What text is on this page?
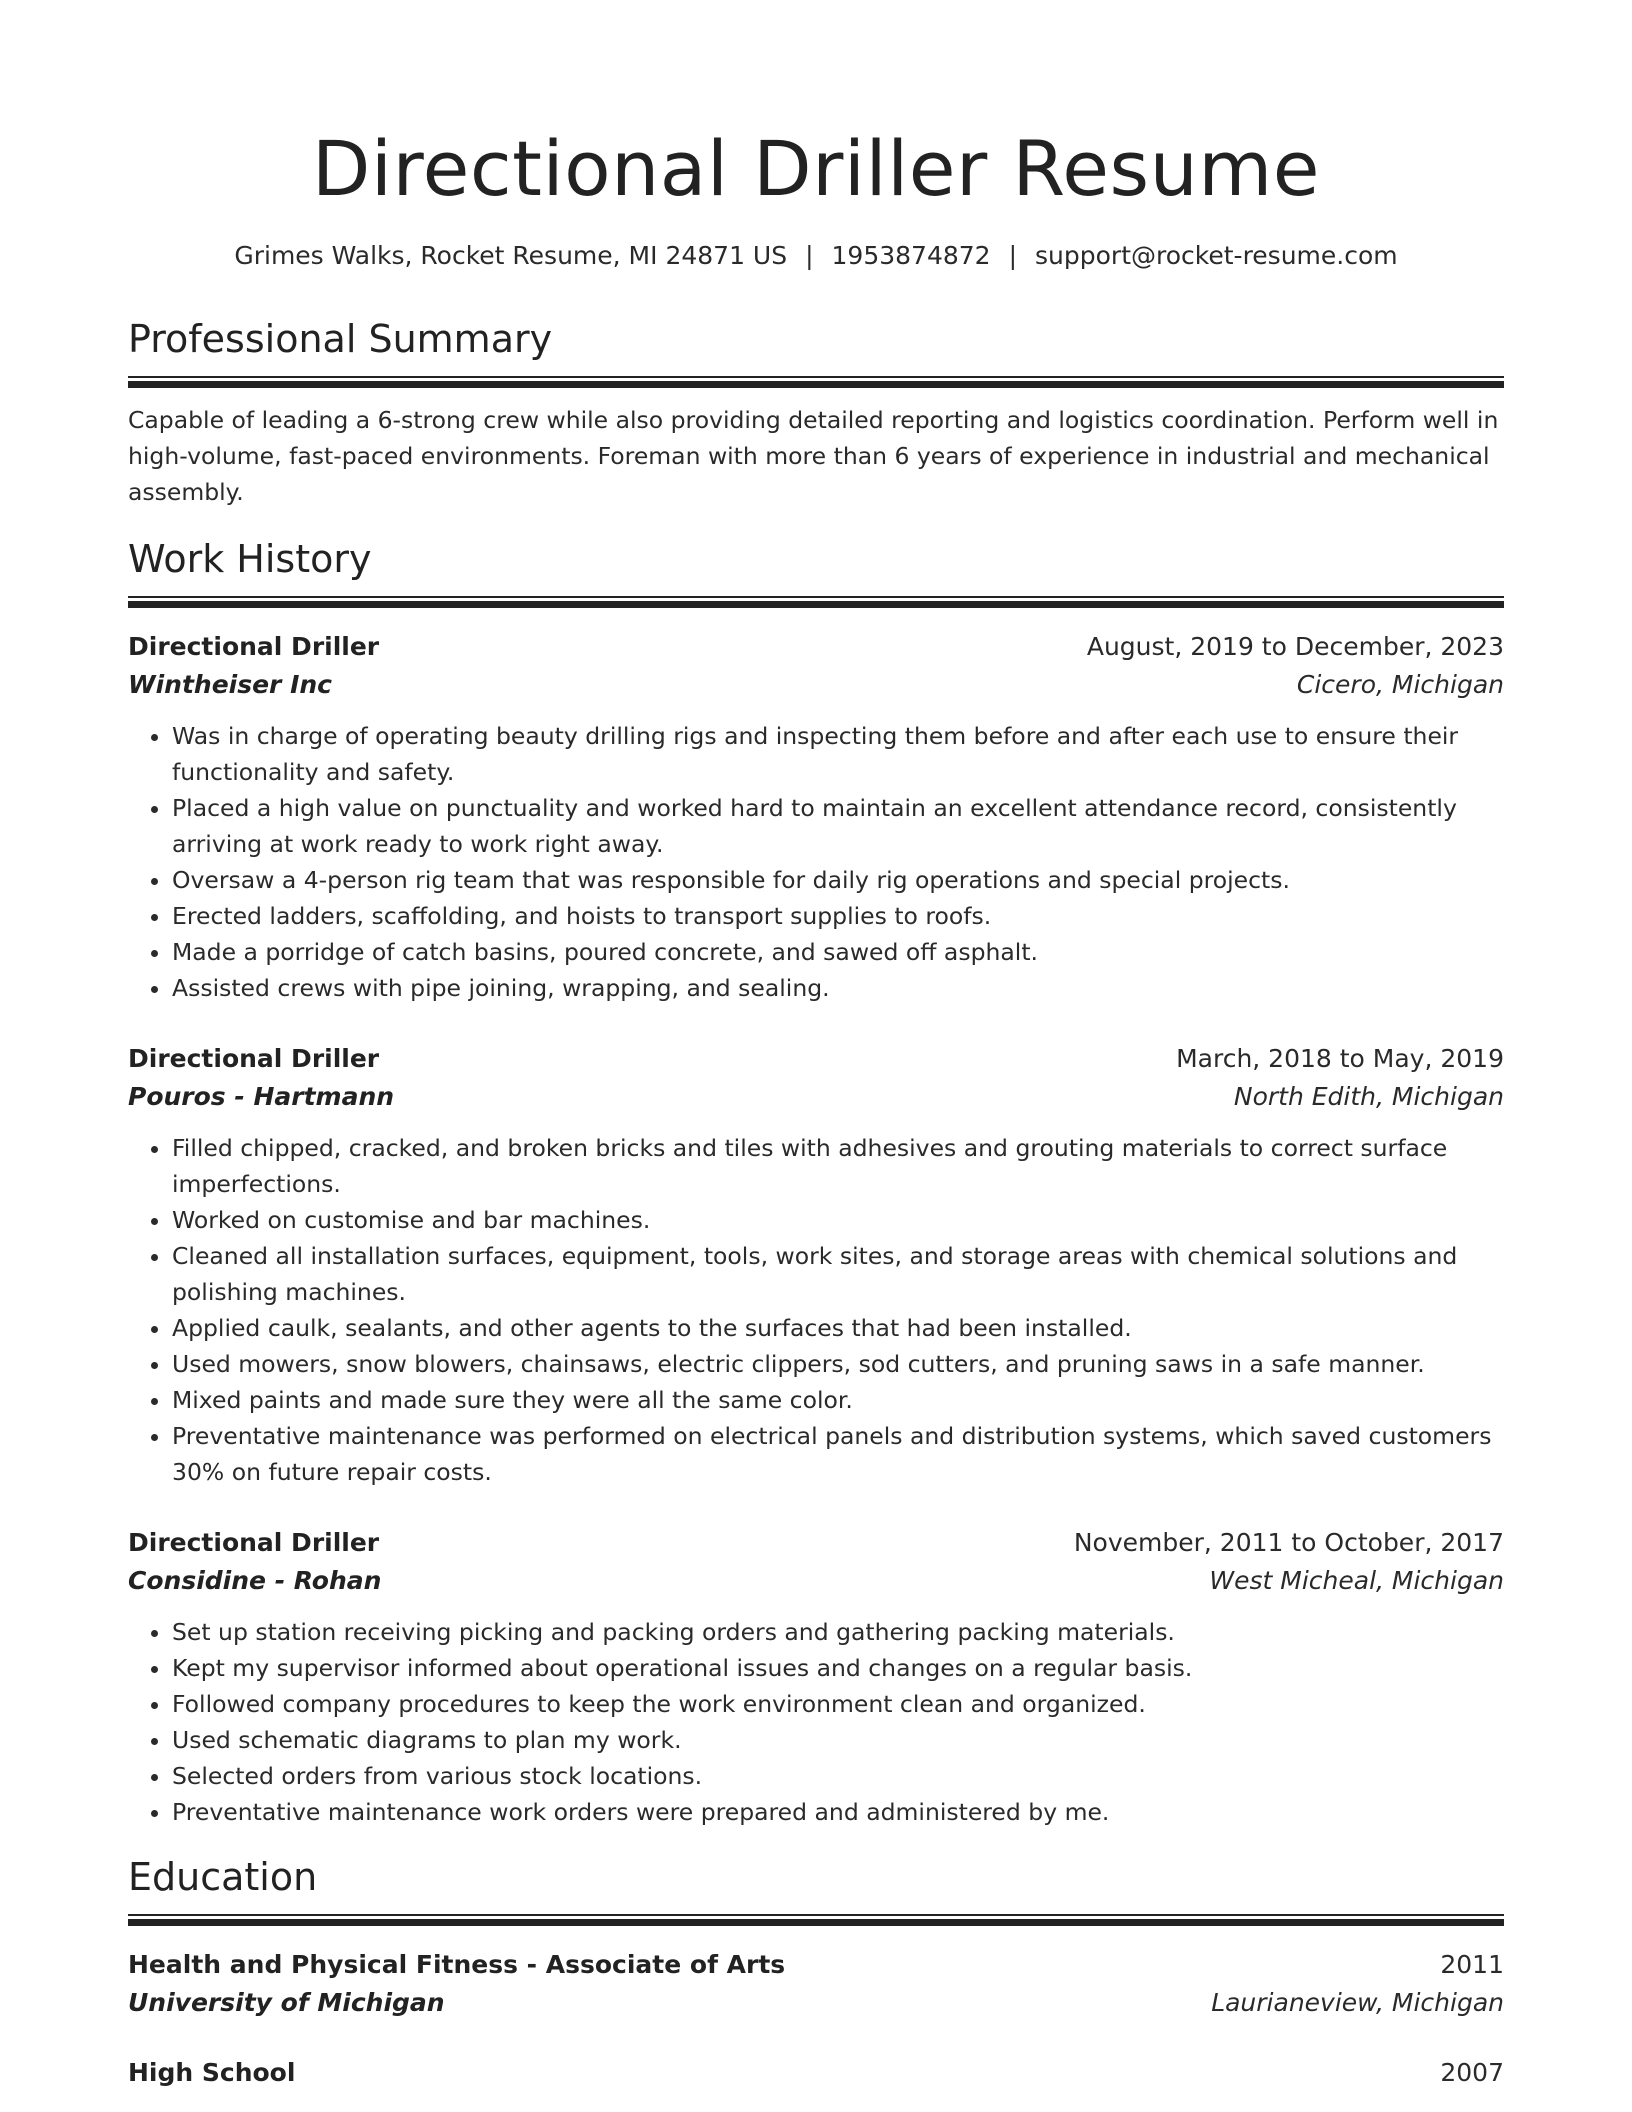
Directional Driller Resume
Grimes Walks, Rocket Resume, MI 24871 US | 1953874872 | support@rocket-resume.com
Professional Summary
Capable of leading a 6-strong crew while also providing detailed reporting and logistics coordination. Perform well in high-volume, fast-paced environments. Foreman with more than 6 years of experience in industrial and mechanical assembly.
Work History
Directional Driller	August, 2019 to December, 2023
Wintheiser Inc	Cicero, Michigan
• Was in charge of operating beauty drilling rigs and inspecting them before and after each use to ensure their functionality and safety.
• Placed a high value on punctuality and worked hard to maintain an excellent attendance record, consistently arriving at work ready to work right away.
• Oversaw a 4-person rig team that was responsible for daily rig operations and special projects.
• Erected ladders, scaffolding, and hoists to transport supplies to roofs.
• Made a porridge of catch basins, poured concrete, and sawed off asphalt.
• Assisted crews with pipe joining, wrapping, and sealing.
Directional Driller	March, 2018 to May, 2019
Pouros - Hartmann	North Edith, Michigan
• Filled chipped, cracked, and broken bricks and tiles with adhesives and grouting materials to correct surface imperfections.
• Worked on customise and bar machines.
• Cleaned all installation surfaces, equipment, tools, work sites, and storage areas with chemical solutions and polishing machines.
• Applied caulk, sealants, and other agents to the surfaces that had been installed.
• Used mowers, snow blowers, chainsaws, electric clippers, sod cutters, and pruning saws in a safe manner.
• Mixed paints and made sure they were all the same color.
• Preventative maintenance was performed on electrical panels and distribution systems, which saved customers 30% on future repair costs.
Directional Driller	November, 2011 to October, 2017
Considine - Rohan	West Micheal, Michigan
• Set up station receiving picking and packing orders and gathering packing materials.
• Kept my supervisor informed about operational issues and changes on a regular basis.
• Followed company procedures to keep the work environment clean and organized.
• Used schematic diagrams to plan my work.
• Selected orders from various stock locations.
• Preventative maintenance work orders were prepared and administered by me.
Education
Health and Physical Fitness - Associate of Arts	2011
University of Michigan	Laurianeview, Michigan
High School	2007
